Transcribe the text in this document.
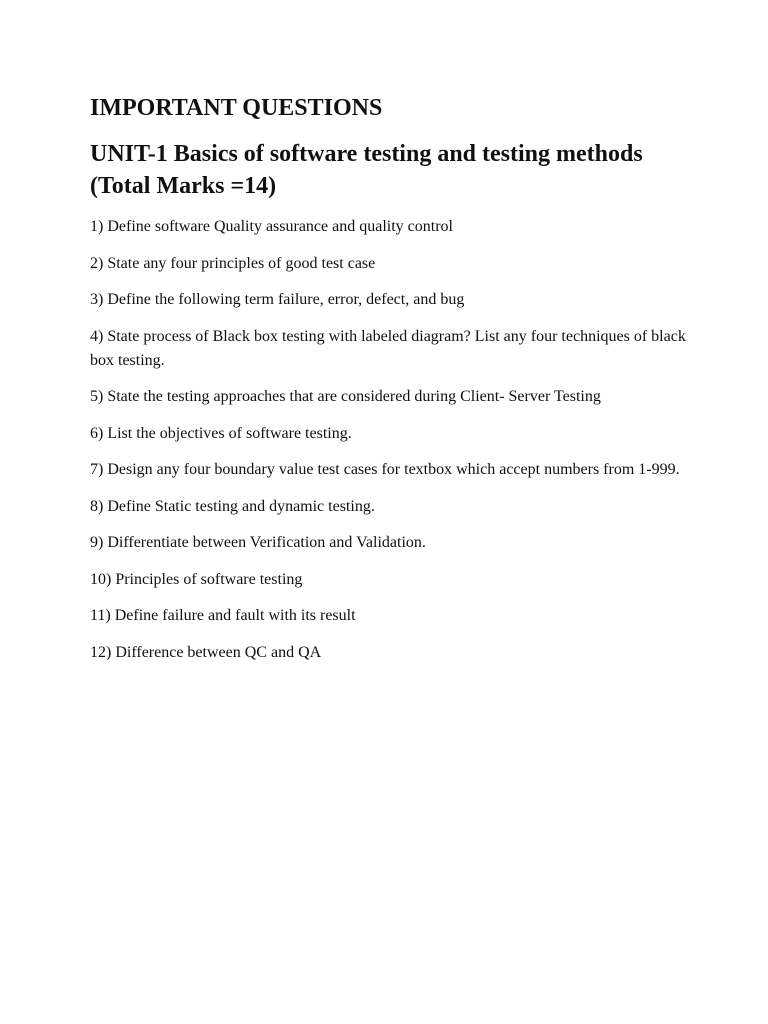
IMPORTANT QUESTIONS
UNIT-1 Basics of software testing and testing methods (Total Marks =14)
1) Define software Quality assurance and quality control
2) State any four principles of good test case
3) Define the following term failure, error, defect, and bug
4) State process of Black box testing with labeled diagram? List any four techniques of black box testing.
5) State the testing approaches that are considered during Client- Server Testing
6) List the objectives of software testing.
7) Design any four boundary value test cases for textbox which accept numbers from 1-999.
8) Define Static testing and dynamic testing.
9) Differentiate between Verification and Validation.
10) Principles of software testing
11) Define failure and fault with its result
12) Difference between QC and QA
